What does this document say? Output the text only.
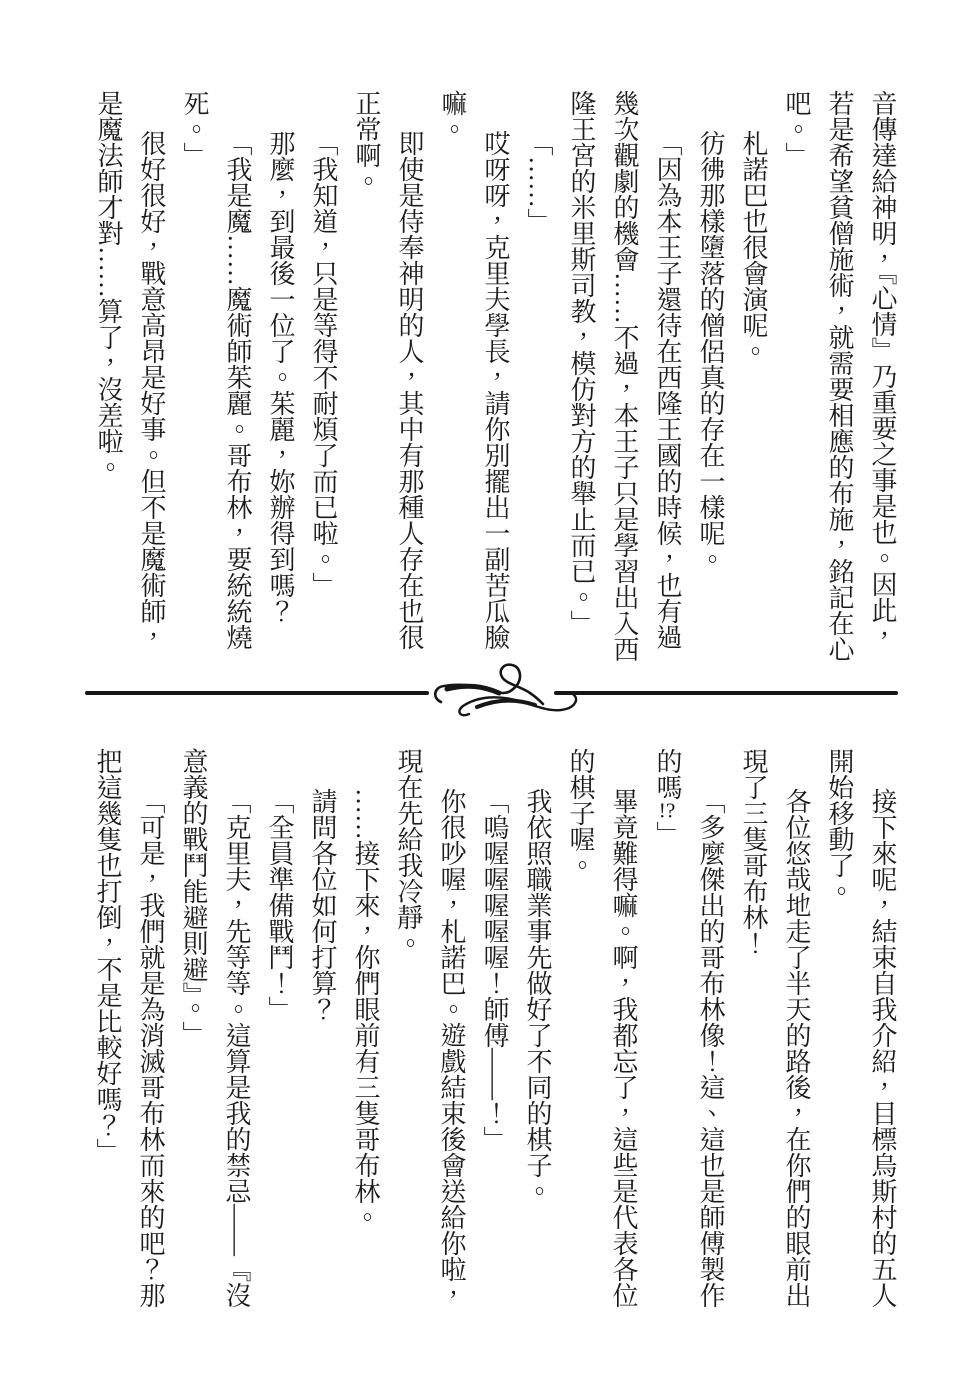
音傳達給神明，『心情』乃重要之事是也。因此，

若是希望貧僧施術，就需要相應的布施，銘記在心

吧。」

札諾巴也很會演呢。

彷彿那樣墮落的僧侶真的存在一樣呢。

「因為本王子還待在西隆王國的時候，也有過

幾次觀劇的機會……不過，本王子只是學習出入西

隆王宮的米里斯司教，模仿對方的舉止而已。」

「……」

哎呀呀，克里夫學長，請你別擺出一副苦瓜臉

嘛。

即使是侍奉神明的人，其中有那種人存在也很

正常啊。

「我知道，只是等得不耐煩了而已啦。」

那麼，到最後一位了。茱麗，妳辦得到嗎？

「我是魔……魔術師茱麗。哥布林，要統統燒

死。」

很好很好，戰意高昂是好事。但不是魔術師，

是魔法師才對……算了，沒差啦。

接下來呢，結束自我介紹，目標烏斯村的五人

開始移動了。

各位悠哉地走了半天的路後，在你們的眼前出

現了三隻哥布林！

「多麼傑出的哥布林像！這、這也是師傅製作

的嗎!?」

畢竟難得嘛。啊，我都忘了，這些是代表各位

的棋子喔。

我依照職業事先做好了不同的棋子。

「嗚喔喔喔喔喔！師傅——！」

你很吵喔，札諾巴。遊戲結束後會送給你啦，

現在先給我冷靜。

……接下來，你們眼前有三隻哥布林。

請問各位如何打算？

「全員準備戰鬥！」

「克里夫，先等等。這算是我的禁忌——『沒

意義的戰鬥能避則避』。」

「可是，我們就是為消滅哥布林而來的吧？那

把這幾隻也打倒，不是比較好嗎？」
